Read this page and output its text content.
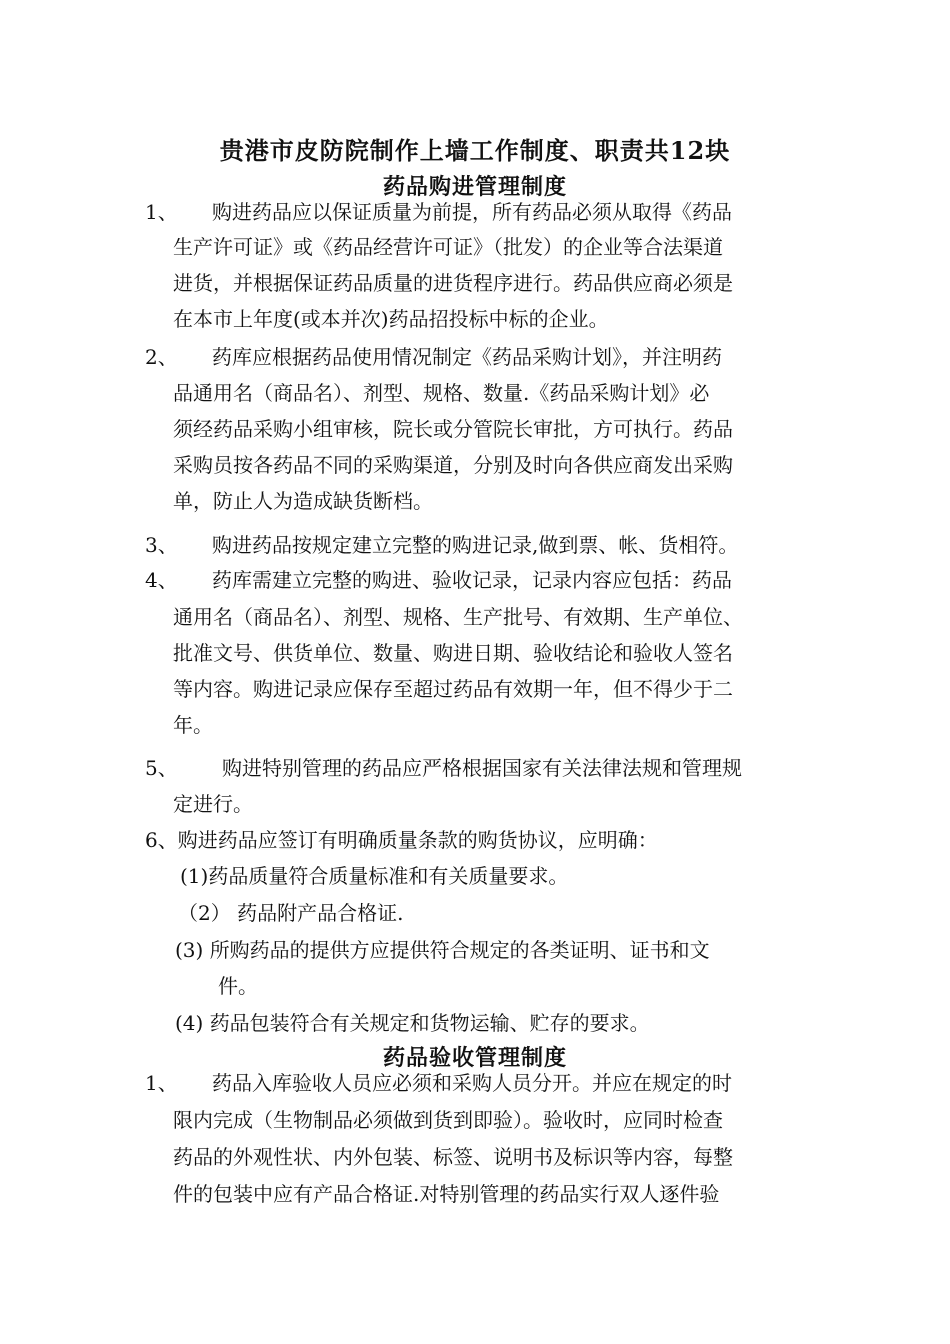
贵港市皮防院制作上墙工作制度、职责共12块
药品购进管理制度
1、 购进药品应以保证质量为前提，所有药品必须从取得《药品
生产许可证》或《药品经营许可证》（批发）的企业等合法渠道
进货，并根据保证药品质量的进货程序进行。药品供应商必须是
在本市上年度(或本并次)药品招投标中标的企业。
2、 药库应根据药品使用情况制定《药品采购计划》，并注明药
品通用名（商品名）、剂型、规格、数量.《药品采购计划》必
须经药品采购小组审核，院长或分管院长审批，方可执行。药品
采购员按各药品不同的采购渠道，分别及时向各供应商发出采购
单，防止人为造成缺货断档。
3、 购进药品按规定建立完整的购进记录,做到票、帐、货相符。
4、 药库需建立完整的购进、验收记录，记录内容应包括：药品
通用名（商品名）、剂型、规格、生产批号、有效期、生产单位、
批准文号、供货单位、数量、购进日期、验收结论和验收人签名
等内容。购进记录应保存至超过药品有效期一年，但不得少于二
年。
5、 购进特别管理的药品应严格根据国家有关法律法规和管理规
定进行。
6、购进药品应签订有明确质量条款的购货协议，应明确：
(1)药品质量符合质量标准和有关质量要求。
（2） 药品附产品合格证.
(3) 所购药品的提供方应提供符合规定的各类证明、证书和文
件。
(4) 药品包装符合有关规定和货物运输、贮存的要求。
药品验收管理制度
1、 药品入库验收人员应必须和采购人员分开。并应在规定的时
限内完成（生物制品必须做到货到即验）。验收时，应同时检查
药品的外观性状、内外包装、标签、说明书及标识等内容，每整
件的包装中应有产品合格证.对特别管理的药品实行双人逐件验
